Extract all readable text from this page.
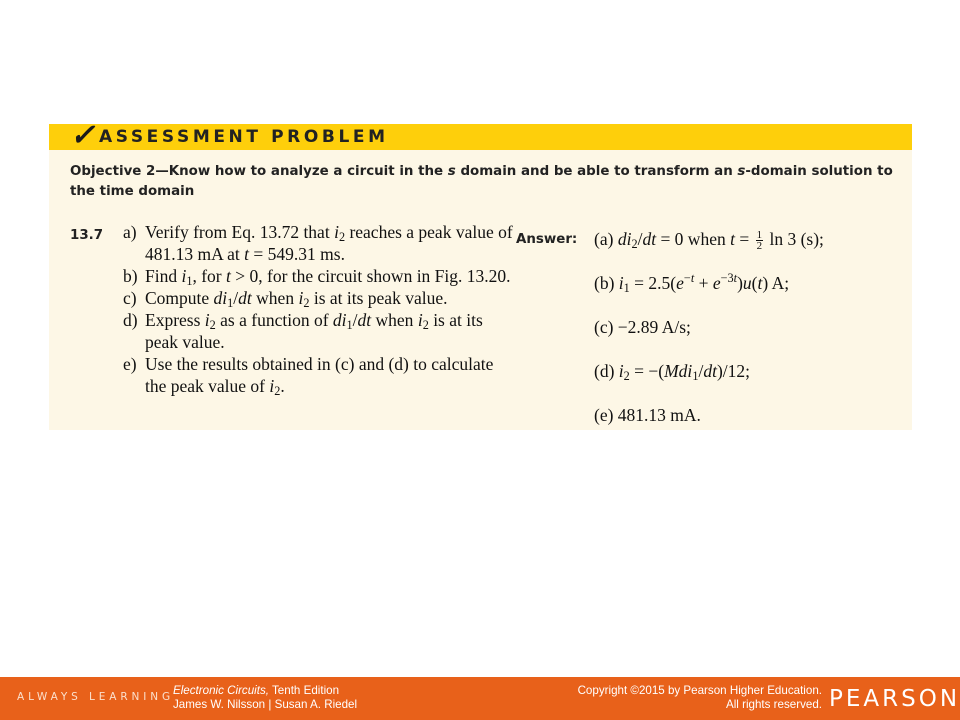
✓ ASSESSMENT PROBLEM
Objective 2—Know how to analyze a circuit in the s domain and be able to transform an s-domain solution to the time domain
13.7 a) Verify from Eq. 13.72 that $i_2$ reaches a peak value of 481.13 mA at t = 549.31 ms.
b) Find $i_1$, for t > 0, for the circuit shown in Fig. 13.20.
c) Compute $di_1/dt$ when $i_2$ is at its peak value.
d) Express $i_2$ as a function of $di_1/dt$ when $i_2$ is at its peak value.
e) Use the results obtained in (c) and (d) to calculate the peak value of $i_2$.
Answer: (a) $di_2/dt = 0$ when $t = \frac{1}{2}$ ln 3 (s);
(b) $i_1 = 2.5(e^{-t} + e^{-3t})u(t)$ A;
(c) −2.89 A/s;
(d) $i_2 = -(Mdi_1/dt)/12$;
(e) 481.13 mA.
ALWAYS LEARNING
Electronic Circuits, Tenth Edition
James W. Nilsson | Susan A. Riedel
Copyright ©2015 by Pearson Higher Education.
All rights reserved. PEARSON
